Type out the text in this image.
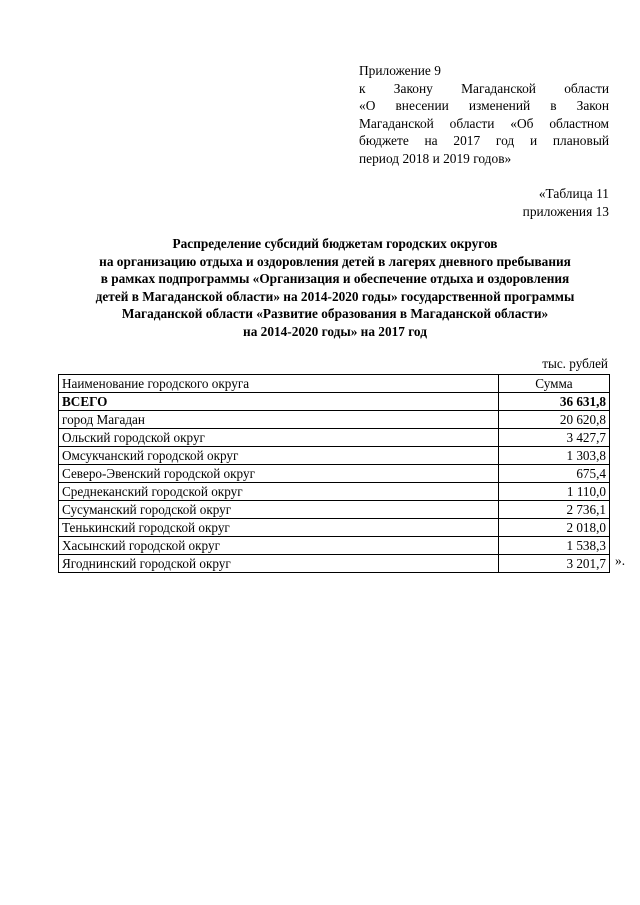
Приложение 9
к Закону Магаданской области
«О внесении изменений в Закон
Магаданской области «Об областном
бюджете на 2017 год и плановый
период 2018 и 2019 годов»
«Таблица 11
приложения 13
Распределение субсидий бюджетам городских округов
на организацию отдыха и оздоровления детей в лагерях дневного пребывания
в рамках подпрограммы «Организация и обеспечение отдыха и оздоровления
детей в Магаданской области» на 2014-2020 годы» государственной программы
Магаданской области «Развитие образования в Магаданской области»
на 2014-2020 годы» на 2017 год
тыс. рублей
Наименование городского округа	Сумма
ВСЕГО	36 631,8
город Магадан	20 620,8
Ольский городской округ	3 427,7
Омсукчанский городской округ	1 303,8
Северо-Эвенский городской округ	675,4
Среднеканский городской округ	1 110,0
Сусуманский городской округ	2 736,1
Тенькинский городской округ	2 018,0
Хасынский городской округ	1 538,3
Ягоднинский городской округ	3 201,7 ».
